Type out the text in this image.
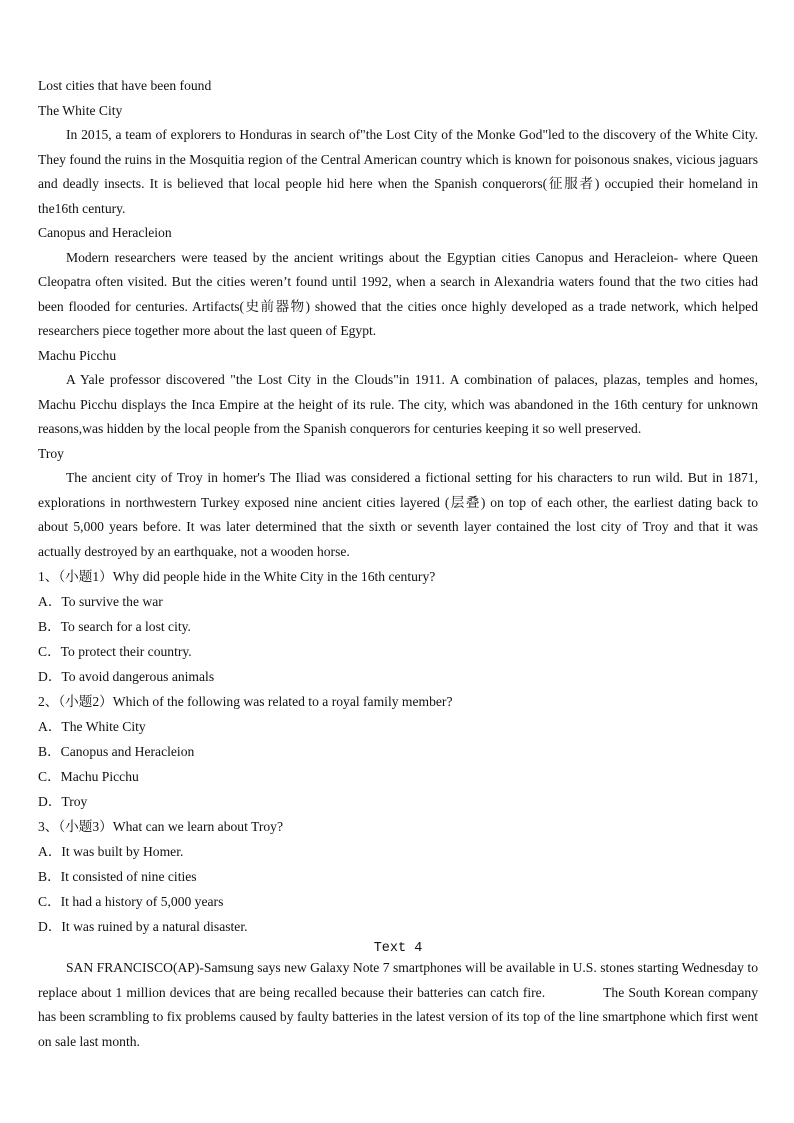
Lost cities that have been found

The White City

In 2015, a team of explorers to Honduras in search of"the Lost City of the Monke God"led to the discovery of the White City. They found the ruins in the Mosquitia region of the Central American country which is known for poisonous snakes, vicious jaguars and deadly insects. It is believed that local people hid here when the Spanish conquerors(征服者) occupied their homeland in the16th century.

Canopus and Heracleion

Modern researchers were teased by the ancient writings about the Egyptian cities Canopus and Heracleion- where Queen Cleopatra often visited. But the cities weren’t found until 1992, when a search in Alexandria waters found that the two cities had been flooded for centuries. Artifacts(史前器物) showed that the cities once highly developed as a trade network, which helped researchers piece together more about the last queen of Egypt.

Machu Picchu

A Yale professor discovered "the Lost City in the Clouds"in 1911. A combination of palaces, plazas, temples and homes, Machu Picchu displays the Inca Empire at the height of its rule. The city, which was abandoned in the 16th century for unknown reasons,was hidden by the local people from the Spanish conquerors for centuries keeping it so well preserved.

Troy

The ancient city of Troy in homer's The Iliad was considered a fictional setting for his characters to run wild. But in 1871, explorations in northwestern Turkey exposed nine ancient cities layered (层叠) on top of each other, the earliest dating back to about 5,000 years before. It was later determined that the sixth or seventh layer contained the lost city of Troy and that it was actually destroyed by an earthquake, not a wooden horse.

1、（小题1）Why did people hide in the White City in the 16th century?

A．To survive the war

B．To search for a lost city.

C．To protect their country.

D．To avoid dangerous animals

2、（小题2）Which of the following was related to a royal family member?

A．The White City

B．Canopus and Heracleion

C．Machu Picchu

D．Troy

3、（小题3）What can we learn about Troy?

A．It was built by Homer.

B．It consisted of nine cities

C．It had a history of 5,000 years

D．It was ruined by a natural disaster.

Text 4

SAN FRANCISCO(AP)-Samsung says new Galaxy Note 7 smartphones will be available in U.S. stones starting Wednesday to replace about 1 million devices that are being recalled because their batteries can catch fire.	The South Korean company has been scrambling to fix problems caused by faulty batteries in the latest version of its top of the line smartphone which first went on sale last month.
